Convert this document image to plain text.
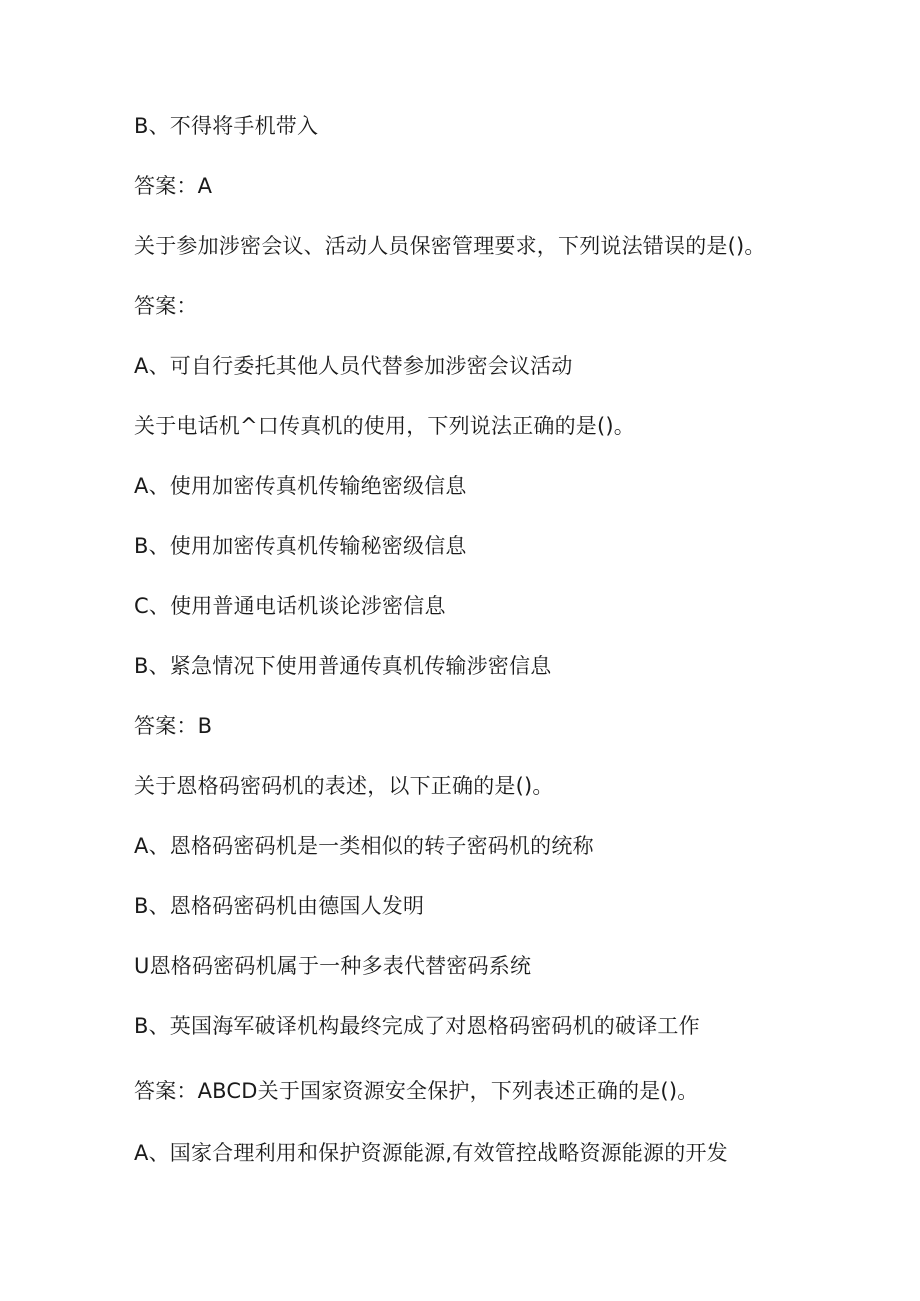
B、不得将手机带入
答案：A
关于参加涉密会议、活动人员保密管理要求，下列说法错误的是()。
答案：
A、可自行委托其他人员代替参加涉密会议活动
关于电话机^口传真机的使用，下列说法正确的是()。
A、使用加密传真机传输绝密级信息
B、使用加密传真机传输秘密级信息
C、使用普通电话机谈论涉密信息
B、紧急情况下使用普通传真机传输涉密信息
答案：B
关于恩格码密码机的表述，以下正确的是()。
A、恩格码密码机是一类相似的转子密码机的统称
B、恩格码密码机由德国人发明
U恩格码密码机属于一种多表代替密码系统
B、英国海军破译机构最终完成了对恩格码密码机的破译工作
答案：ABCD关于国家资源安全保护，下列表述正确的是()。
A、国家合理利用和保护资源能源,有效管控战略资源能源的开发
